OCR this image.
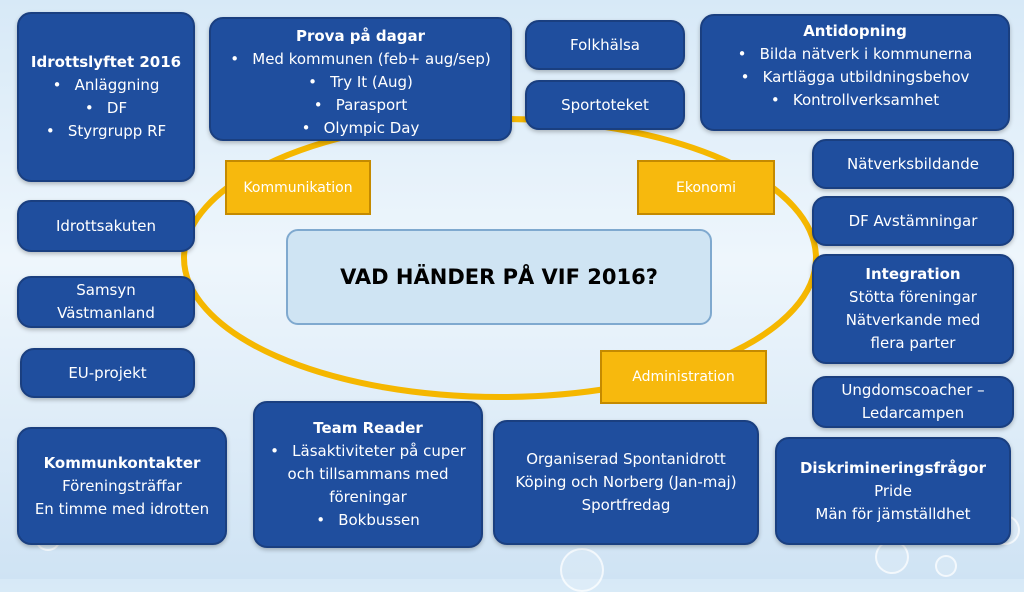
VAD HÄNDER PÅ VIF 2016?
Kommunikation	Ekonomi
Administration
Idrottslyftet 2016
• Anläggning
• DF
• Styrgrupp RF
Prova på dagar
• Med kommunen (feb+ aug/sep)
• Try It (Aug)
• Parasport
• Olympic Day
Folkhälsa
Sportoteket
Antidopning
• Bilda nätverk i kommunerna
• Kartlägga utbildningsbehov
• Kontrollverksamhet
Nätverksbildande
DF Avstämningar
Integration
Stötta föreningar
Nätverkande med
flera parter
Idrottsakuten
Samsyn
Västmanland
EU-projekt
Ungdomscoacher –
Ledarcampen
Kommunkontakter
Föreningsträffar
En timme med idrotten
Team Reader
• Läsaktiviteter på cuper och tillsammans med föreningar
• Bokbussen
Organiserad Spontanidrott
Köping och Norberg (Jan-maj)
Sportfredag
Diskrimineringsfrågor
Pride
Män för jämställdhet
